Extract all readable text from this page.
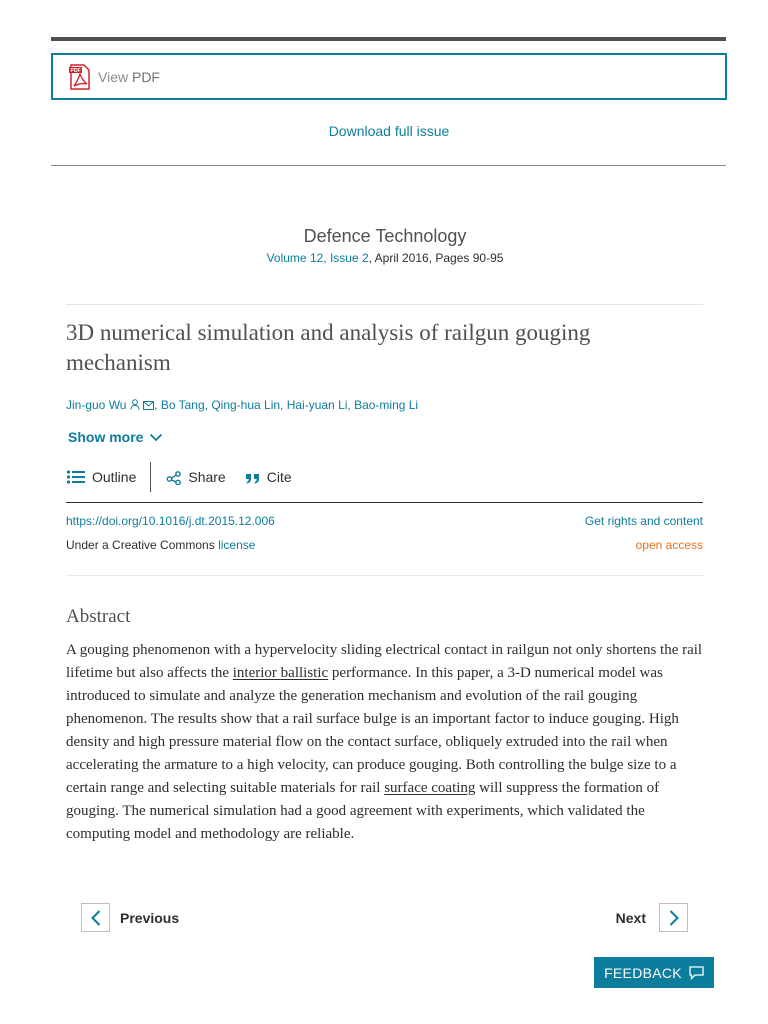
PDF View PDF
Download full issue
Defence Technology
Volume 12, Issue 2, April 2016, Pages 90-95
3D numerical simulation and analysis of railgun gouging mechanism
Jin-guo Wu , Bo Tang, Qing-hua Lin, Hai-yuan Li, Bao-ming Li
Show more
Outline	Share	Cite
https://doi.org/10.1016/j.dt.2015.12.006	Get rights and content
Under a Creative Commons license	open access
Abstract

A gouging phenomenon with a hypervelocity sliding electrical contact in railgun not only shortens the rail lifetime but also affects the interior ballistic performance. In this paper, a 3-D numerical model was introduced to simulate and analyze the generation mechanism and evolution of the rail gouging phenomenon. The results show that a rail surface bulge is an important factor to induce gouging. High density and high pressure material flow on the contact surface, obliquely extruded into the rail when accelerating the armature to a high velocity, can produce gouging. Both controlling the bulge size to a certain range and selecting suitable materials for rail surface coating will suppress the formation of gouging. The numerical simulation had a good agreement with experiments, which validated the computing model and methodology are reliable.

Previous	Next
FEEDBACK
